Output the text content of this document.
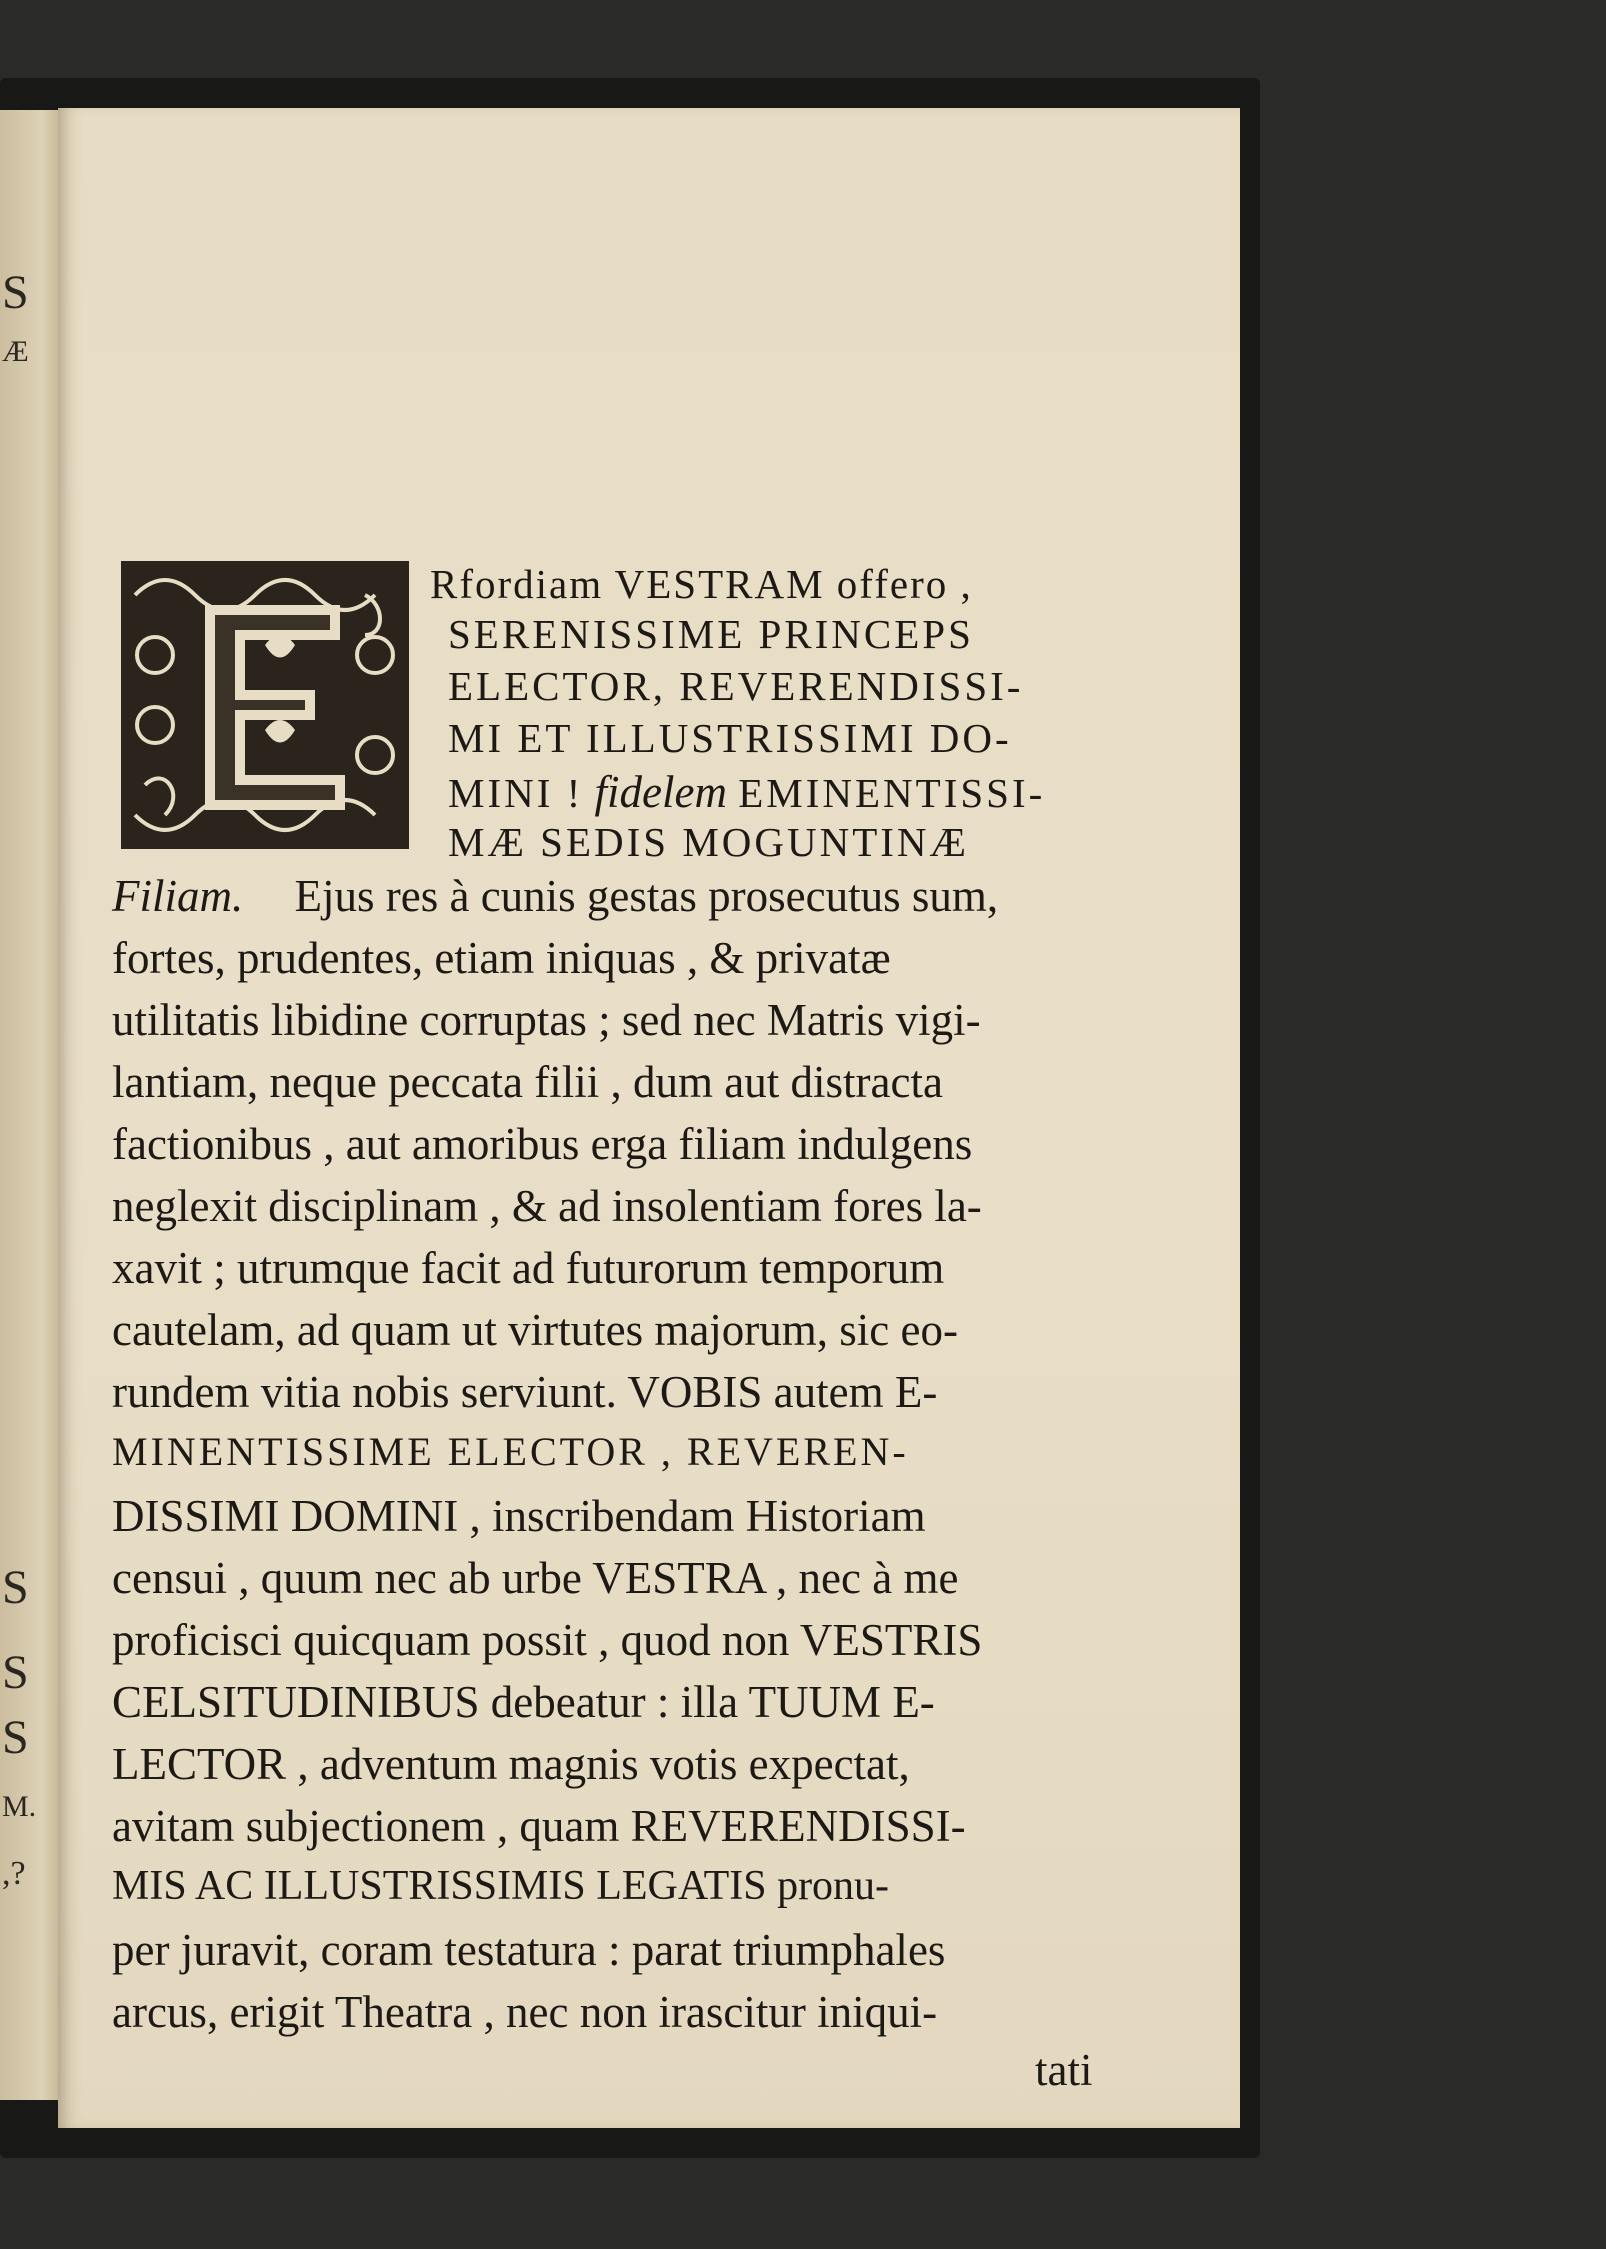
S
Æ
S
S
S
M.
,?
Rfordiam VESTRAM offero ,
SERENISSIME PRINCEPS
ELECTOR, REVERENDISSI-
MI ET ILLUSTRISSIMI DO-
MINI ! fidelem EMINENTISSI-
MÆ SEDIS MOGUNTINÆ
Filiam. Ejus res à cunis gestas prosecutus sum,
fortes, prudentes, etiam iniquas , & privatæ
utilitatis libidine corruptas ; sed nec Matris vigi-
lantiam, neque peccata filii , dum aut distracta
factionibus , aut amoribus erga filiam indulgens
neglexit disciplinam , & ad insolentiam fores la-
xavit ; utrumque facit ad futurorum temporum
cautelam, ad quam ut virtutes majorum, sic eo-
rundem vitia nobis serviunt. VOBIS autem E-
MINENTISSIME ELECTOR , REVEREN-
DISSIMI DOMINI , inscribendam Historiam
censui , quum nec ab urbe VESTRA , nec à me
proficisci quicquam possit , quod non VESTRIS
CELSITUDINIBUS debeatur : illa TUUM E-
LECTOR , adventum magnis votis expectat,
avitam subjectionem , quam REVERENDISSI-
MIS AC ILLUSTRISSIMIS LEGATIS pronu-
per juravit, coram testatura : parat triumphales
arcus, erigit Theatra , nec non irascitur iniqui-
tati
